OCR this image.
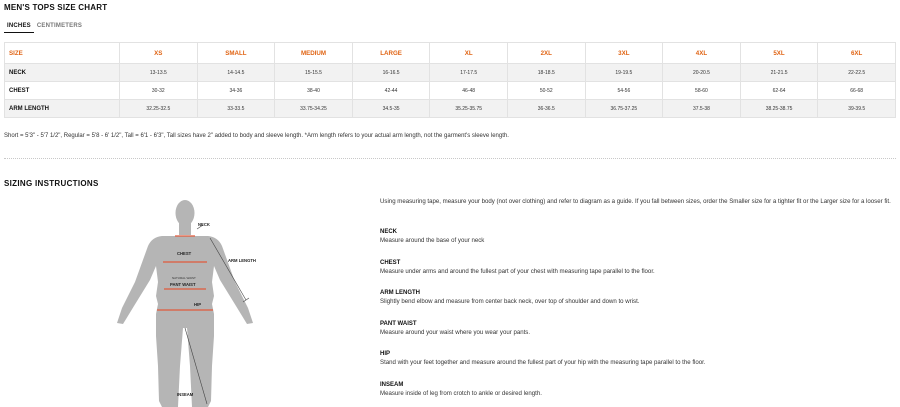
MEN'S TOPS SIZE CHART
INCHES	CENTIMETERS
SIZE	XS	SMALL	MEDIUM	LARGE	XL	2XL	3XL	4XL	5XL	6XL
NECK	13-13.5	14-14.5	15-15.5	16-16.5	17-17.5	18-18.5	19-19.5	20-20.5	21-21.5	22-22.5
CHEST	30-32	34-36	38-40	42-44	46-48	50-52	54-56	58-60	62-64	66-68
ARM LENGTH	32.25-32.5	33-33.5	33.75-34.25	34.5-35	35.25-35.75	36-36.5	36.75-37.25	37.5-38	38.25-38.75	39-39.5
Short = 5'3" - 5'7 1/2", Regular = 5'8 - 6' 1/2", Tall = 6'1 - 6'3", Tall sizes have 2" added to body and sleeve length. *Arm length refers to your actual arm length, not the garment's sleeve length.
SIZING INSTRUCTIONS
NECK
CHEST
ARM LENGTH
NATURAL WAIST
PANT WAIST
HIP
INSEAM
Using measuring tape, measure your body (not over clothing) and refer to diagram as a guide. If you fall between sizes, order the Smaller size for a tighter fit or the Larger size for a looser fit.
NECK
Measure around the base of your neck
CHEST
Measure under arms and around the fullest part of your chest with measuring tape parallel to the floor.
ARM LENGTH
Slightly bend elbow and measure from center back neck, over top of shoulder and down to wrist.
PANT WAIST
Measure around your waist where you wear your pants.
HIP
Stand with your feet together and measure around the fullest part of your hip with the measuring tape parallel to the floor.
INSEAM
Measure inside of leg from crotch to ankle or desired length.
